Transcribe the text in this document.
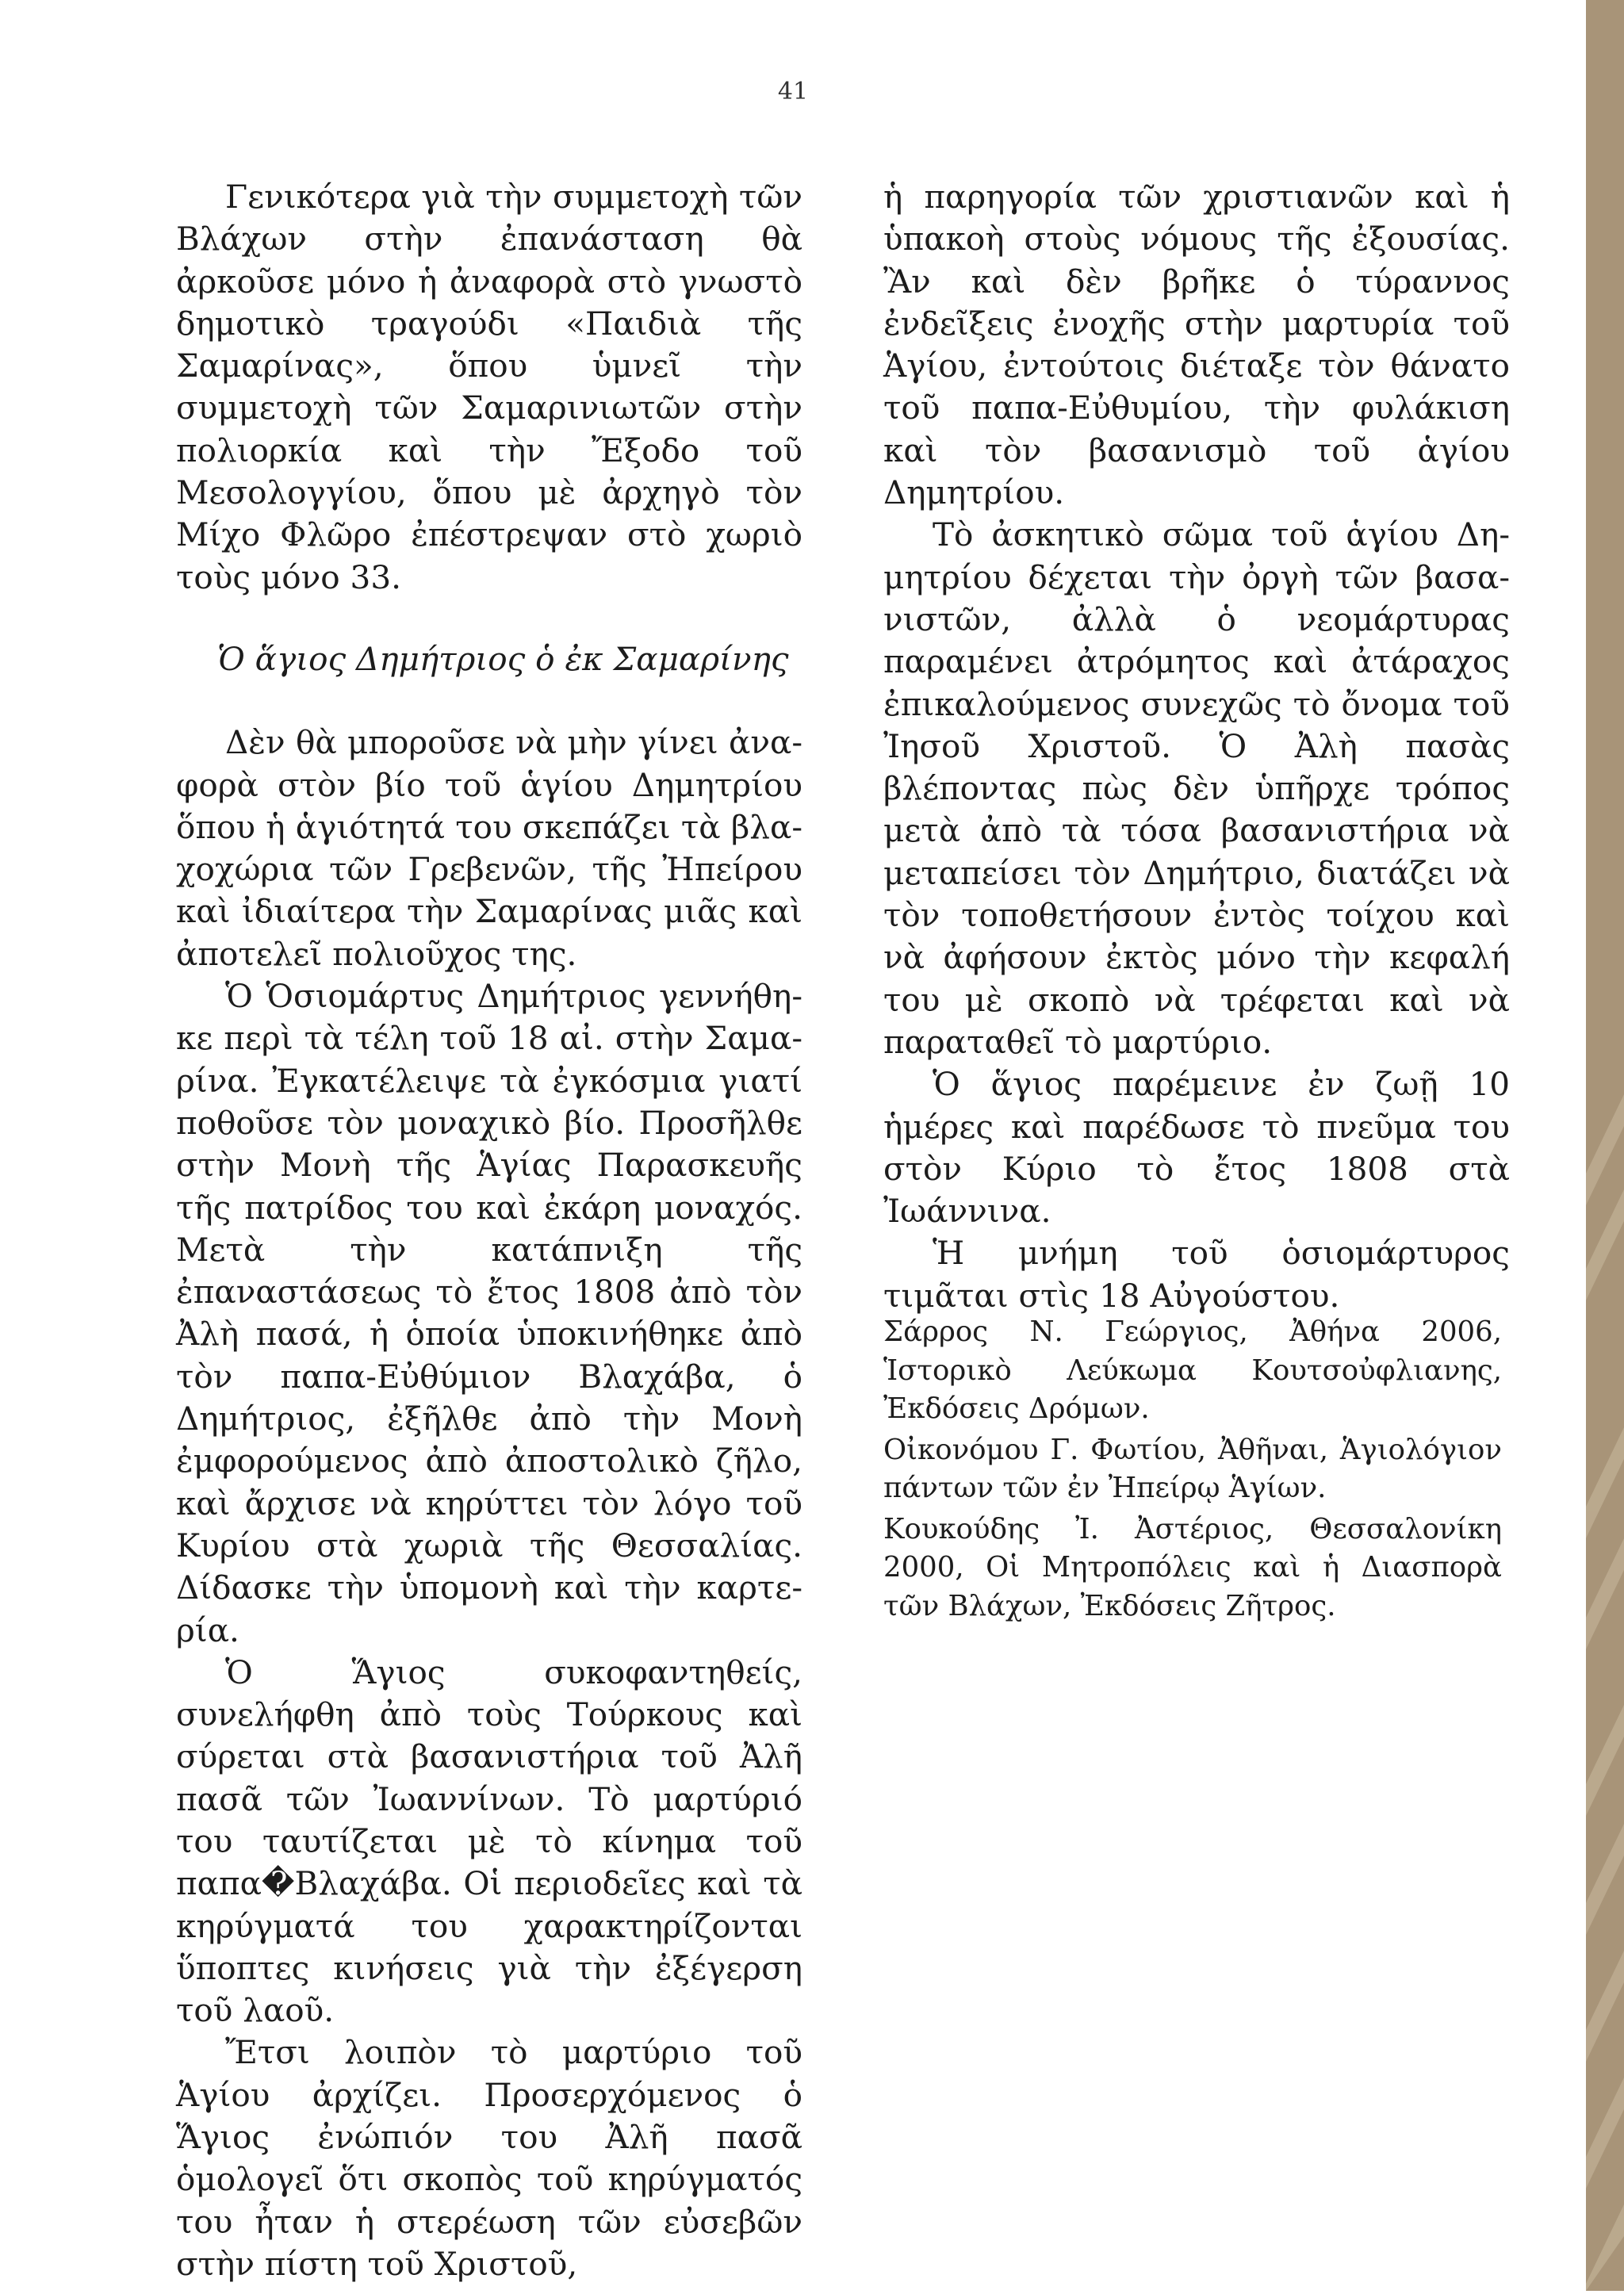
41

Γενικότερα γιὰ τὴν συμμετοχὴ τῶν Βλάχων στὴν ἐπανάσταση θὰ ἀρκοῦσε μόνο ἡ ἀναφορὰ στὸ γνωστὸ δημοτικὸ τραγούδι «Παιδιὰ τῆς Σαμαρίνας», ὅπου ὑμνεῖ τὴν συμμετοχὴ τῶν Σαμαρινιωτῶν στὴν πολιορκία καὶ τὴν Ἔξοδο τοῦ Μεσολογγίου, ὅπου μὲ ἀρχηγὸ τὸν Μίχο Φλῶρο ἐπέστρεψαν στὸ χωριὸ τοὺς μόνο 33.

Ὁ ἅγιος Δημήτριος ὁ ἐκ Σαμαρίνης

Δὲν θὰ μποροῦσε νὰ μὴν γίνει ἀναφορὰ στὸν βίο τοῦ ἁγίου Δημητρίου ὅπου ἡ ἁγιότητά του σκεπάζει τὰ βλαχοχώρια τῶν Γρεβενῶν, τῆς Ἠπείρου καὶ ἰδιαίτερα τὴν Σαμαρίνας μιᾶς καὶ ἀποτελεῖ πολιοῦχος της.

Ὁ Ὁσιομάρτυς Δημήτριος γεννήθηκε περὶ τὰ τέλη τοῦ 18 αἰ. στὴν Σαμαρίνα. Ἐγκατέλειψε τὰ ἐγκόσμια γιατί ποθοῦσε τὸν μοναχικὸ βίο. Προσῆλθε στὴν Μονὴ τῆς Ἁγίας Παρασκευῆς τῆς πατρίδος του καὶ ἐκάρη μοναχός. Μετὰ τὴν κατάπνιξη τῆς ἐπαναστάσεως τὸ ἔτος 1808 ἀπὸ τὸν Ἀλὴ πασά, ἡ ὁποία ὑποκινήθηκε ἀπὸ τὸν παπα-Εὐθύμιον Βλαχάβα, ὁ Δημήτριος, ἐξῆλθε ἀπὸ τὴν Μονὴ ἐμφορούμενος ἀπὸ ἀποστολικὸ ζῆλο, καὶ ἄρχισε νὰ κηρύττει τὸν λόγο τοῦ Κυρίου στὰ χωριὰ τῆς Θεσσαλίας. Δίδασκε τὴν ὑπομονὴ καὶ τὴν καρτερία.

Ὁ Ἅγιος συκοφαντηθείς, συνελήφθη ἀπὸ τοὺς Τούρκους καὶ σύρεται στὰ βασανιστήρια τοῦ Ἀλῆ πασᾶ τῶν Ἰωαννίνων. Τὸ μαρτύριό του ταυτίζεται μὲ τὸ κίνημα τοῦ παπα�Βλαχάβα. Οἱ περιοδεῖες καὶ τὰ κηρύγματά του χαρακτηρίζονται ὕποπτες κινήσεις γιὰ τὴν ἐξέγερση τοῦ λαοῦ.

Ἔτσι λοιπὸν τὸ μαρτύριο τοῦ Ἁγίου ἀρχίζει. Προσερχόμενος ὁ Ἅγιος ἐνώπιόν του Ἀλῆ πασᾶ ὁμολογεῖ ὅτι σκοπὸς τοῦ κηρύγματός του ἦταν ἡ στερέωση τῶν εὐσεβῶν στὴν πίστη τοῦ Χριστοῦ,

ἡ παρηγορία τῶν χριστιανῶν καὶ ἡ ὑπακοὴ στοὺς νόμους τῆς ἐξουσίας. Ἂν καὶ δὲν βρῆκε ὁ τύραννος ἐνδεῖξεις ἐνοχῆς στὴν μαρτυρία τοῦ Ἁγίου, ἐντούτοις διέταξε τὸν θάνατο τοῦ παπα-Εὐθυμίου, τὴν φυλάκιση καὶ τὸν βασανισμὸ τοῦ ἁγίου Δημητρίου.

Τὸ ἀσκητικὸ σῶμα τοῦ ἁγίου Δημητρίου δέχεται τὴν ὀργὴ τῶν βασανιστῶν, ἀλλὰ ὁ νεομάρτυρας παραμένει ἀτρόμητος καὶ ἀτάραχος ἐπικαλούμενος συνεχῶς τὸ ὄνομα τοῦ Ἰησοῦ Χριστοῦ. Ὁ Ἀλὴ πασὰς βλέποντας πὼς δὲν ὑπῆρχε τρόπος μετὰ ἀπὸ τὰ τόσα βασανιστήρια νὰ μεταπείσει τὸν Δημήτριο, διατάζει νὰ τὸν τοποθετήσουν ἐντὸς τοίχου καὶ νὰ ἀφήσουν ἐκτὸς μόνο τὴν κεφαλή του μὲ σκοπὸ νὰ τρέφεται καὶ νὰ παραταθεῖ τὸ μαρτύριο.

Ὁ ἅγιος παρέμεινε ἐν ζωῇ 10 ἡμέρες καὶ παρέδωσε τὸ πνεῦμα του στὸν Κύριο τὸ ἔτος 1808 στὰ Ἰωάννινα.

Ἡ μνήμη τοῦ ὁσιομάρτυρος τιμᾶται στὶς 18 Αὐγούστου.

Σάρρος Ν. Γεώργιος, Ἀθήνα 2006, Ἱστορικὸ Λεύκωμα Κουτσοὐφλιανης, Ἐκδόσεις Δρόμων.

Οἰκονόμου Γ. Φωτίου, Ἀθῆναι, Ἁγιολόγιον πάντων τῶν ἐν Ἠπείρῳ Ἁγίων.

Κουκούδης Ἰ. Ἀστέριος, Θεσσαλονίκη 2000, Οἱ Μητροπόλεις καὶ ἡ Διασπορὰ τῶν Βλάχων, Ἐκδόσεις Ζῆτρος.
